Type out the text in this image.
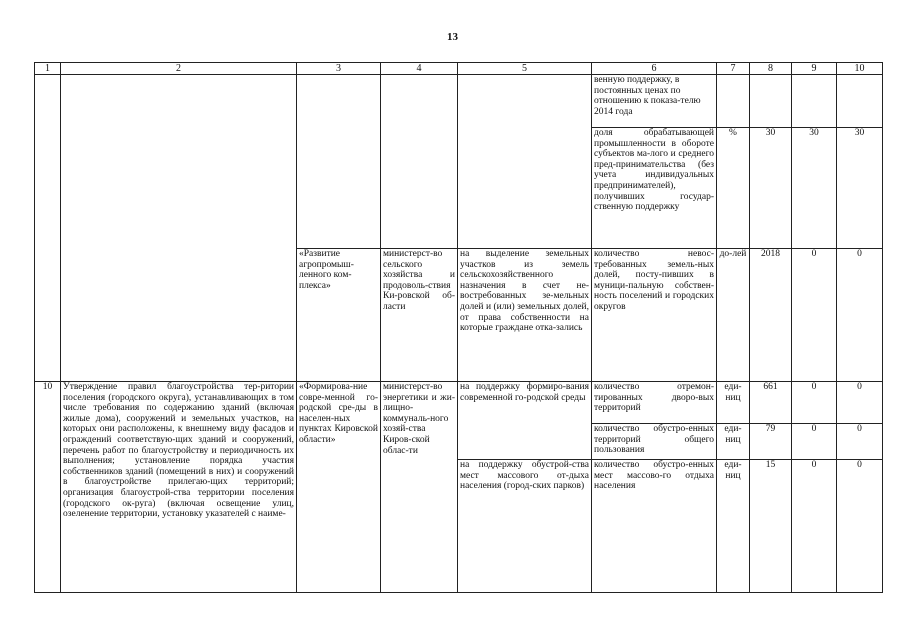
13
1	2	3	4	5	6	7	8	9	10
					венную поддержку, в постоянных ценах по отношению к показа-телю 2014 года				
					доля обрабатывающей промышленности в обороте субъектов ма-лого и среднего пред-принимательства (без учета индивидуальных предпринимателей), получивших государ-ственную поддержку	%	30	30	30
		«Развитие агропромыш-ленного ком-плекса»	министерст-во сельского хозяйства и продоволь-ствия Ки-ровской об-ласти	на выделение земельных участков из земель сельскохозяйственного назначения в счет не-востребованных зе-мельных долей и (или) земельных долей, от права собственности на которые граждане отка-зались	количество невос-требованных земель-ных долей, посту-пивших в муници-пальную собствен-ность поселений и городских округов	до-лей	2018	0	0
10	Утверждение правил благоустройства тер-ритории поселения (городского округа), устанавливающих в том числе требования по содержанию зданий (включая жилые дома), сооружений и земельных участков, на которых они расположены, к внешнему виду фасадов и ограждений соответствую-щих зданий и сооружений, перечень работ по благоустройству и периодичность их выполнения; установление порядка участия собственников зданий (помещений в них) и сооружений в благоустройстве прилегаю-щих территорий; организация благоустрой-ства территории поселения (городского ок-руга) (включая освещение улиц, озеленение территории, установку указателей с наиме-	«Формирова-ние совре-менной го-родской сре-ды в населен-ных пунктах Кировской области»	министерст-во энергетики и жи-лищно-коммуналь-ного хозяй-ства Киров-ской облас-ти	на поддержку формиро-вания современной го-родской среды	количество отремон-тированных дворо-вых территорий	еди-ниц	661	0	0
					количество обустро-енных территорий общего пользования	еди-ниц	79	0	0
				на поддержку обустрой-ства мест массового от-дыха населения (город-ских парков)	количество обустро-енных мест массово-го отдыха населения	еди-ниц	15	0	0
